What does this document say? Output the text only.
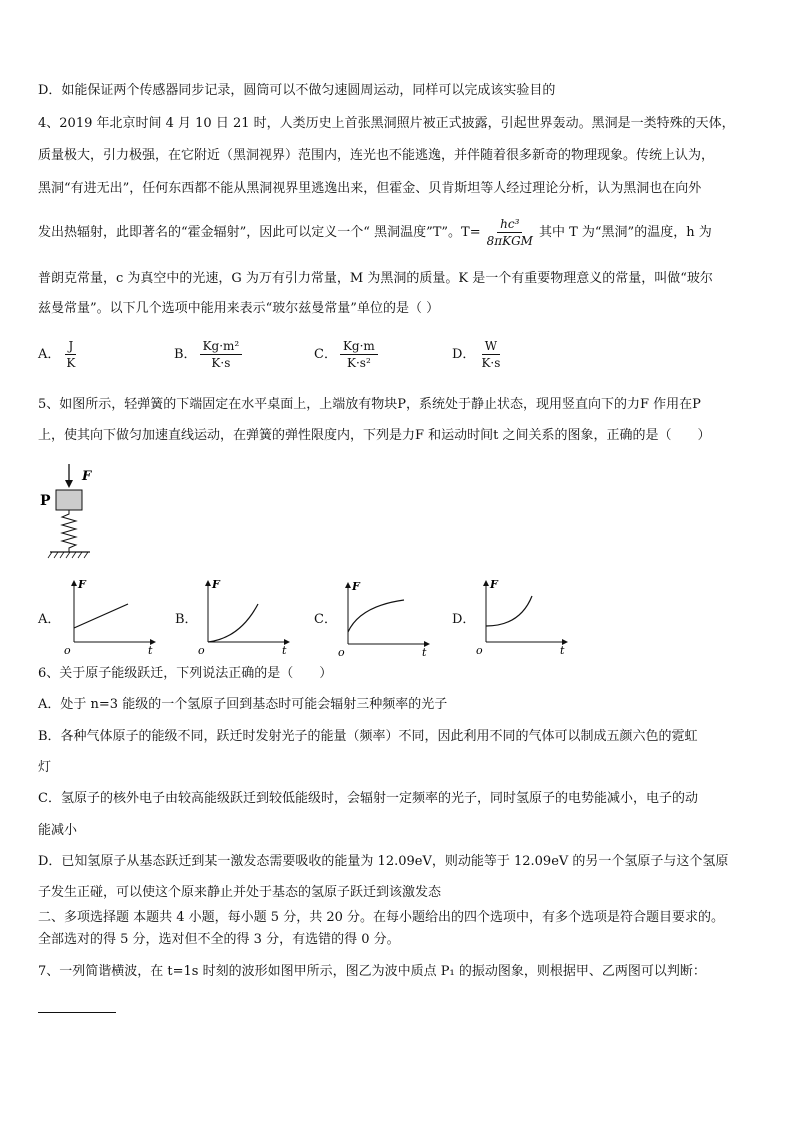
D．如能保证两个传感器同步记录，圆筒可以不做匀速圆周运动，同样可以完成该实验目的
4、2019 年北京时间 4 月 10 日 21 时，人类历史上首张黑洞照片被正式披露，引起世界轰动。黑洞是一类特殊的天体，
质量极大，引力极强，在它附近（黑洞视界）范围内，连光也不能逃逸，并伴随着很多新奇的物理现象。传统上认为，
黑洞“有进无出”，任何东西都不能从黑洞视界里逃逸出来，但霍金、贝肯斯坦等人经过理论分析，认为黑洞也在向外
发出热辐射，此即著名的“霍金辐射”，因此可以定义一个“ 黑洞温度”T”。$T= \frac{\text{hc³}}{\text{8πKGM}}$ 其中 T 为“黑洞”的温度，h 为
普朗克常量，c 为真空中的光速，G 为万有引力常量，M 为黑洞的质量。K 是一个有重要物理意义的常量，叫做“玻尔
兹曼常量”。以下几个选项中能用来表示“玻尔兹曼常量”单位的是（ ）
A． $\frac{J}{K}$	B． $\frac{\text{Kg·m²}}{K\cdot s}$	C． $\frac{Kg\cdot m}{\text{K·s²}}$	D． $\frac{W}{K\cdot s}$
5、如图所示，轻弹簧的下端固定在水平桌面上，上端放有物块P，系统处于静止状态，现用竖直向下的力F 作用在P
上，使其向下做匀加速直线运动，在弹簧的弹性限度内，下列是力F 和运动时间t 之间关系的图象，正确的是（　　）
F
P
A．
F
t
o
B．
F
t
o
C．
F
t
o
D．
F
t
o
6、关于原子能级跃迁，下列说法正确的是（　　）
A．处于 n=3 能级的一个氢原子回到基态时可能会辐射三种频率的光子
B．各种气体原子的能级不同，跃迁时发射光子的能量（频率）不同，因此利用不同的气体可以制成五颜六色的霓虹
灯
C．氢原子的核外电子由较高能级跃迁到较低能级时，会辐射一定频率的光子，同时氢原子的电势能减小，电子的动
能减小
D．已知氢原子从基态跃迁到某一激发态需要吸收的能量为 12.09eV，则动能等于 12.09eV 的另一个氢原子与这个氢原
子发生正碰，可以使这个原来静止并处于基态的氢原子跃迁到该激发态
二、多项选择题 本题共 4 小题，每小题 5 分，共 20 分。在每小题给出的四个选项中，有多个选项是符合题目要求的。
全部选对的得 5 分，选对但不全的得 3 分，有选错的得 0 分。
7、一列简谐横波，在 t=1s 时刻的波形如图甲所示，图乙为波中质点 P₁ 的振动图象，则根据甲、乙两图可以判断：
